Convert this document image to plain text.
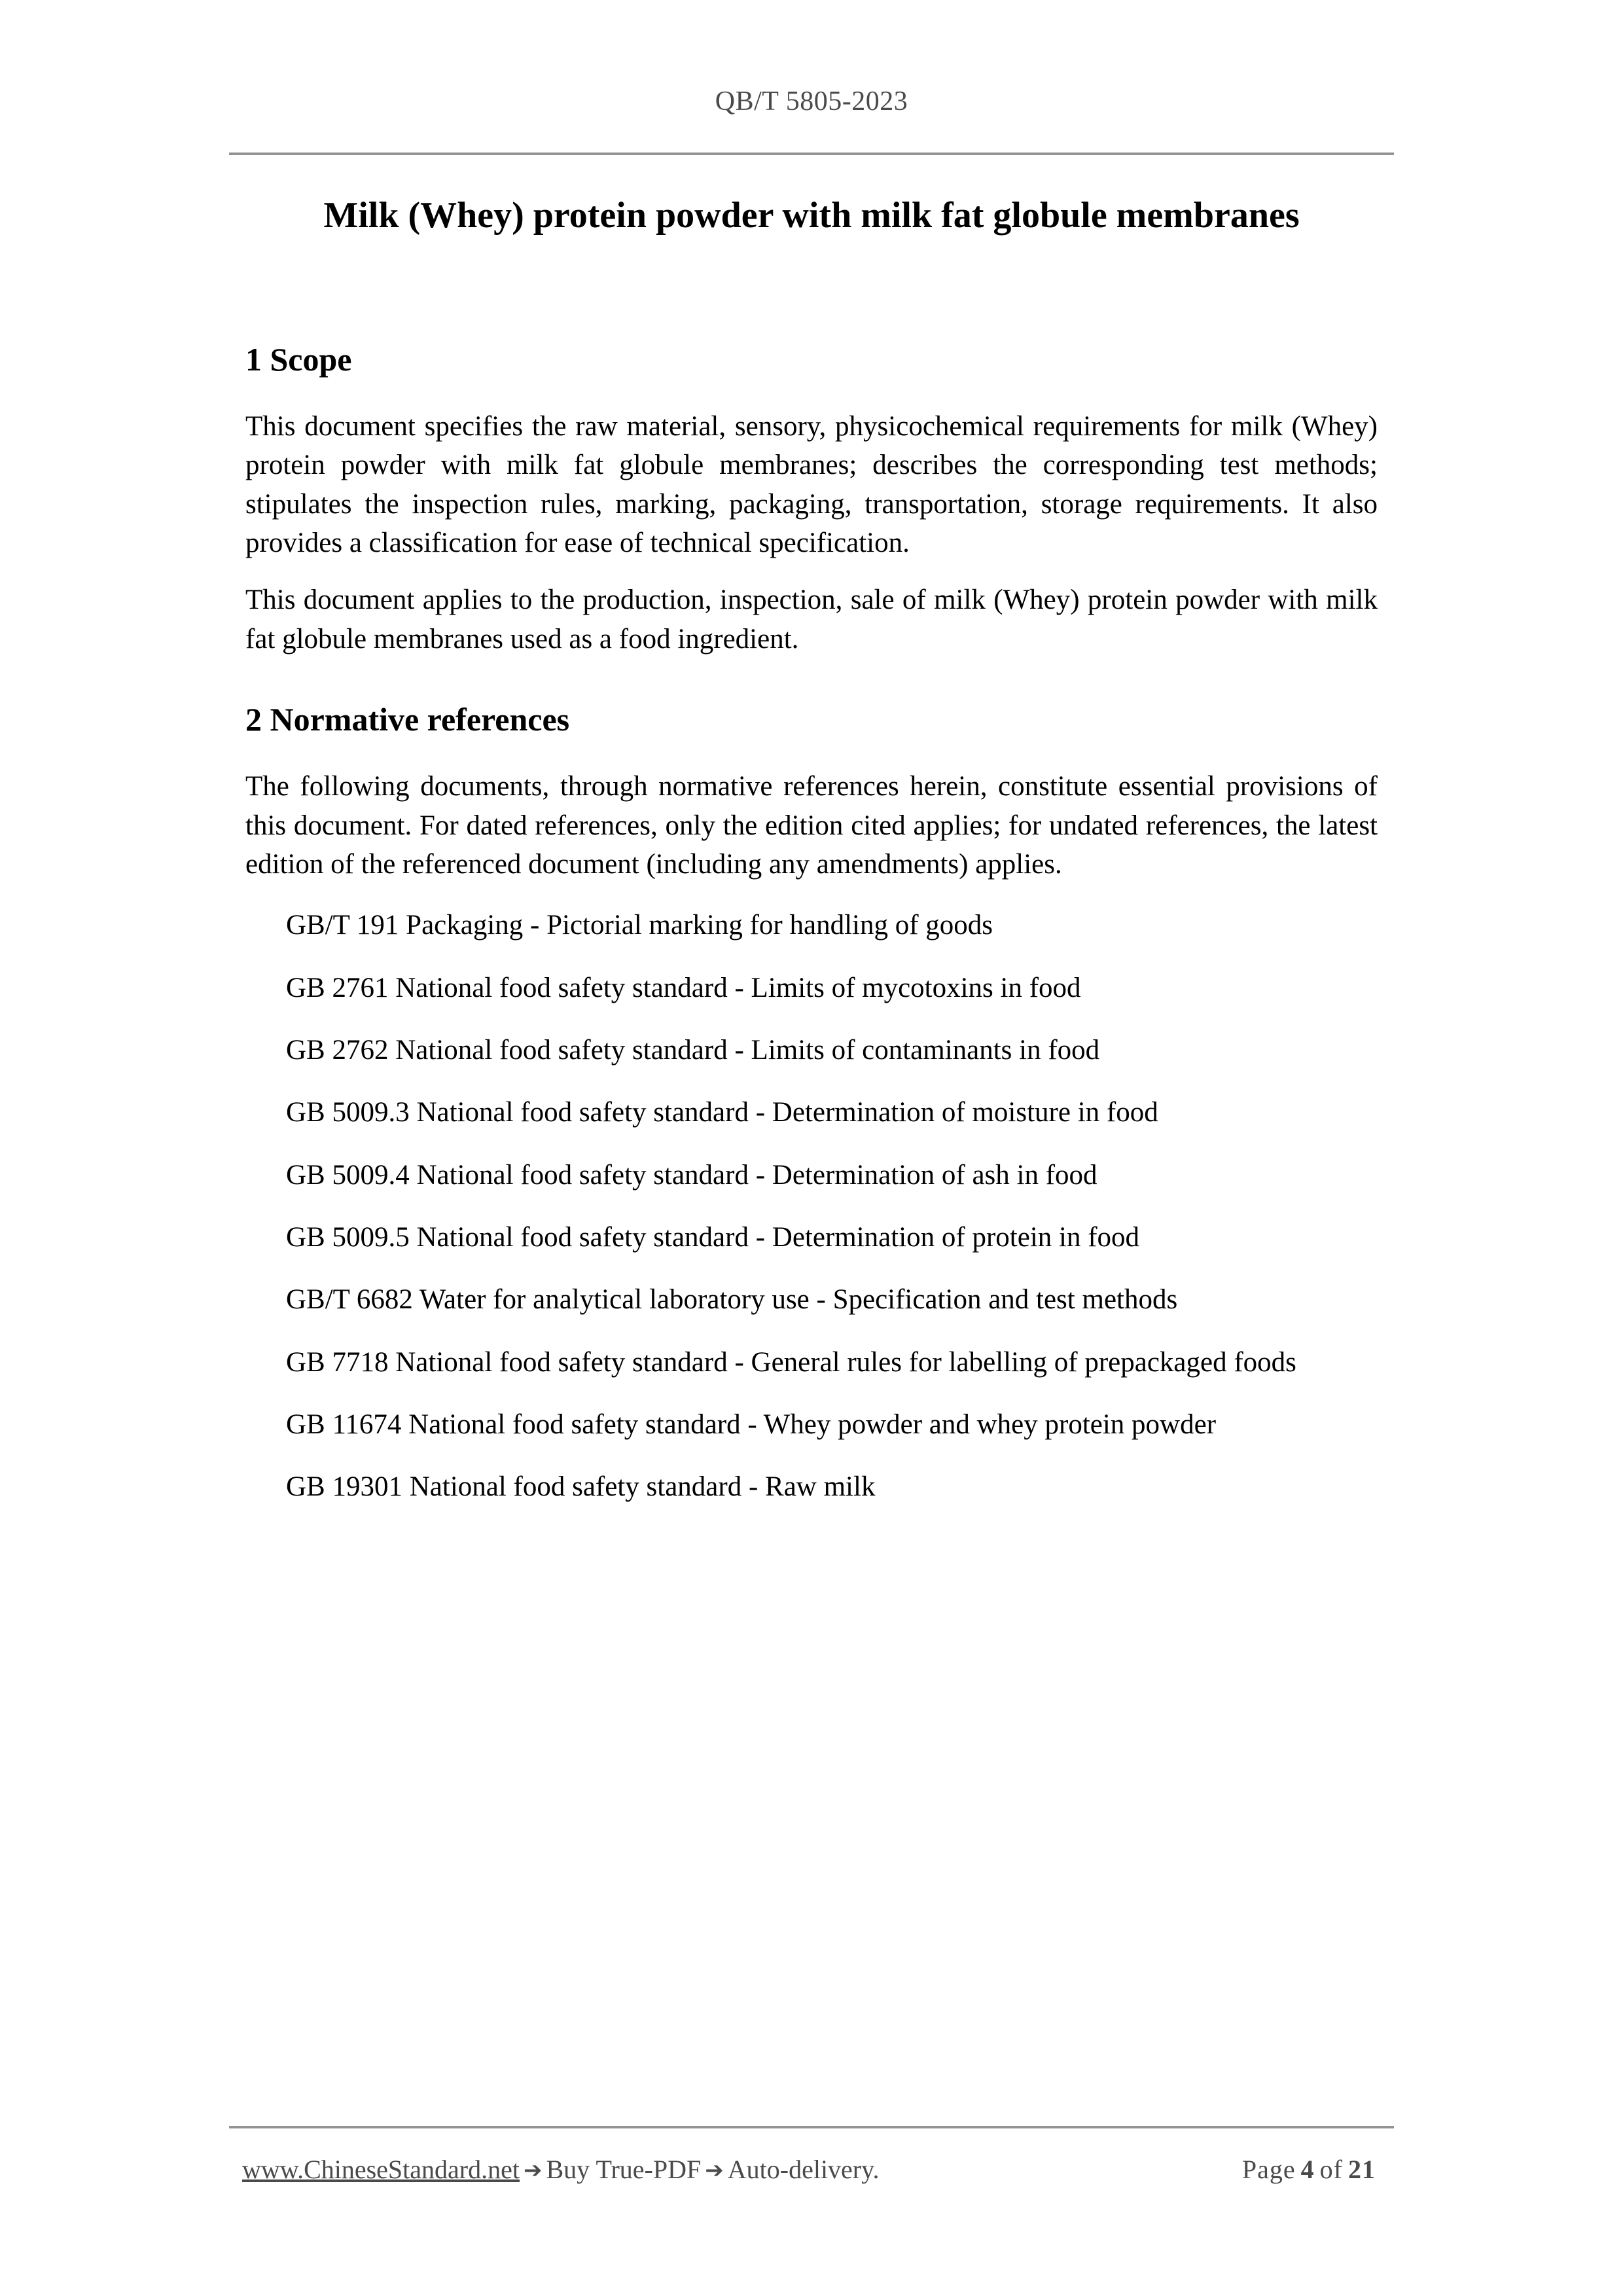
QB/T 5805-2023
Milk (Whey) protein powder with milk fat globule membranes
1 Scope

This document specifies the raw material, sensory, physicochemical requirements for milk (Whey) protein powder with milk fat globule membranes; describes the corresponding test methods; stipulates the inspection rules, marking, packaging, transportation, storage requirements. It also provides a classification for ease of technical specification.

This document applies to the production, inspection, sale of milk (Whey) protein powder with milk fat globule membranes used as a food ingredient.

2 Normative references

The following documents, through normative references herein, constitute essential provisions of this document. For dated references, only the edition cited applies; for undated references, the latest edition of the referenced document (including any amendments) applies.

GB/T 191 Packaging - Pictorial marking for handling of goods
GB 2761 National food safety standard - Limits of mycotoxins in food
GB 2762 National food safety standard - Limits of contaminants in food
GB 5009.3 National food safety standard - Determination of moisture in food
GB 5009.4 National food safety standard - Determination of ash in food
GB 5009.5 National food safety standard - Determination of protein in food
GB/T 6682 Water for analytical laboratory use - Specification and test methods
GB 7718 National food safety standard - General rules for labelling of prepackaged foods
GB 11674 National food safety standard - Whey powder and whey protein powder
GB 19301 National food safety standard - Raw milk
www.ChineseStandard.net ➔ Buy True-PDF ➔ Auto-delivery.	Page 4 of 21
